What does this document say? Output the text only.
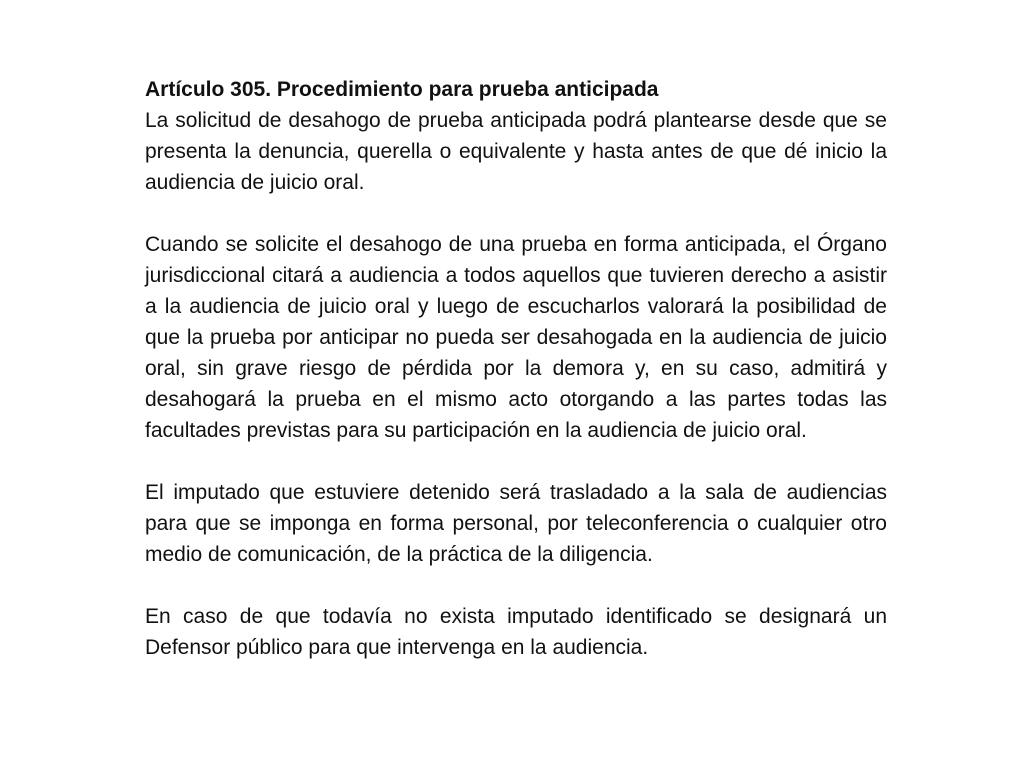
Artículo 305. Procedimiento para prueba anticipada

La solicitud de desahogo de prueba anticipada podrá plantearse desde que se presenta la denuncia, querella o equivalente y hasta antes de que dé inicio la audiencia de juicio oral.

Cuando se solicite el desahogo de una prueba en forma anticipada, el Órgano jurisdiccional citará a audiencia a todos aquellos que tuvieren derecho a asistir a la audiencia de juicio oral y luego de escucharlos valorará la posibilidad de que la prueba por anticipar no pueda ser desahogada en la audiencia de juicio oral, sin grave riesgo de pérdida por la demora y, en su caso, admitirá y desahogará la prueba en el mismo acto otorgando a las partes todas las facultades previstas para su participación en la audiencia de juicio oral.

El imputado que estuviere detenido será trasladado a la sala de audiencias para que se imponga en forma personal, por teleconferencia o cualquier otro medio de comunicación, de la práctica de la diligencia.

En caso de que todavía no exista imputado identificado se designará un Defensor público para que intervenga en la audiencia.
